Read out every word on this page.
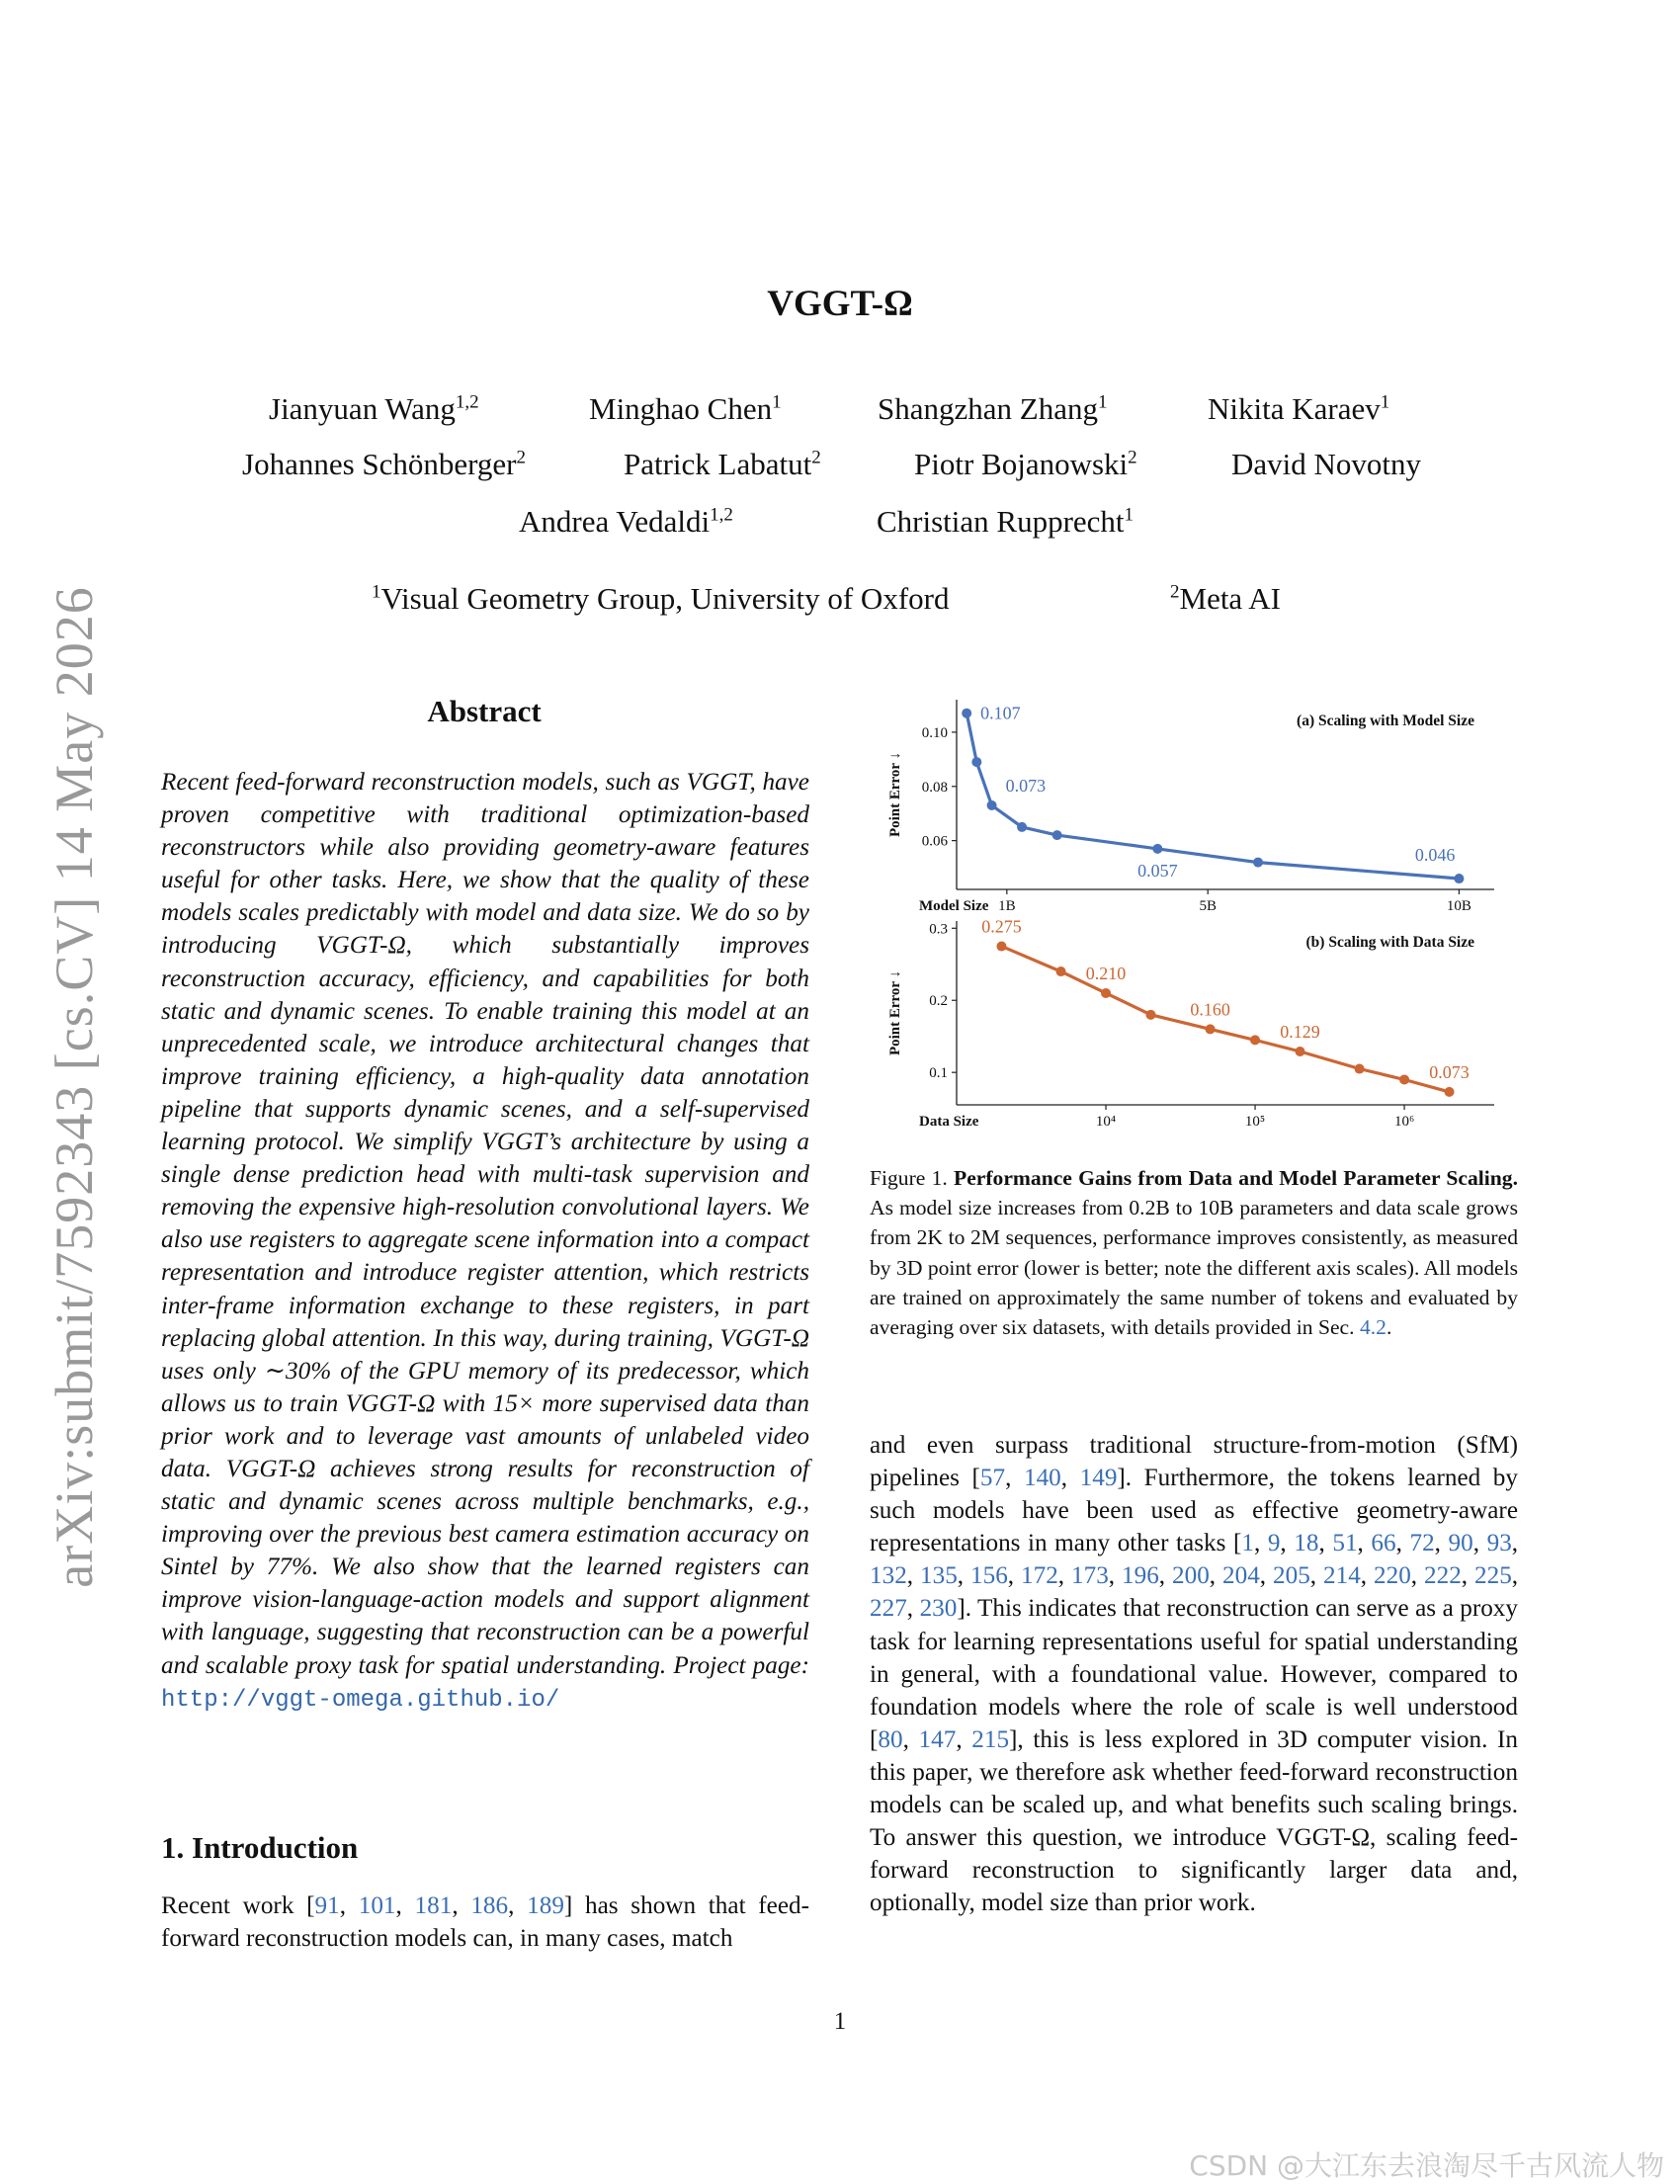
arXiv:submit/7592343 [cs.CV] 14 May 2026
VGGT-Ω
Jianyuan Wang$^{1,2}$	Minghao Chen$^1$	Shangzhan Zhang$^1$	Nikita Karaev$^1$
Johannes Schönberger$^2$	Patrick Labatut$^2$	Piotr Bojanowski$^2$	David Novotny
Andrea Vedaldi$^{1,2}$	Christian Rupprecht$^1$
$^1$Visual Geometry Group, University of Oxford	$^2$Meta AI
Abstract
Recent feed-forward reconstruction models, such as VGGT, have proven competitive with traditional optimization-based reconstructors while also providing geometry-aware features useful for other tasks. Here, we show that the quality of these models scales predictably with model and data size. We do so by introducing VGGT-Ω, which substantially improves reconstruction accuracy, efficiency, and capabilities for both static and dynamic scenes. To enable training this model at an unprecedented scale, we introduce architectural changes that improve training efficiency, a high-quality data annotation pipeline that supports dynamic scenes, and a self-supervised learning protocol. We simplify VGGT’s architecture by using a single dense prediction head with multi-task supervision and removing the expensive high-resolution convolutional layers. We also use registers to aggregate scene information into a compact representation and introduce register attention, which restricts inter-frame information exchange to these registers, in part replacing global attention. In this way, during training, VGGT-Ω uses only ∼30% of the GPU memory of its predecessor, which allows us to train VGGT-Ω with 15× more supervised data than prior work and to leverage vast amounts of unlabeled video data. VGGT-Ω achieves strong results for reconstruction of static and dynamic scenes across multiple benchmarks, e.g., improving over the previous best camera estimation accuracy on Sintel by 77%. We also show that the learned registers can improve vision-language-action models and support alignment with language, suggesting that reconstruction can be a powerful and scalable proxy task for spatial understanding. Project page: http://vggt-omega.github.io/
1. Introduction
Recent work [91, 101, 181, 186, 189] has shown that feed-forward reconstruction models can, in many cases, match
0.06
0.08
0.10
1B	5B	10B
Model Size
Point Error ↓
(a) Scaling with Model Size
0.107
0.073
0.057
0.046
0.1
0.2
0.3
10⁴	10⁵	10⁶
Data Size
Point Error ↓
(b) Scaling with Data Size
0.275
0.210
0.160
0.129
0.073
Figure 1. Performance Gains from Data and Model Parameter Scaling. As model size increases from 0.2B to 10B parameters and data scale grows from 2K to 2M sequences, performance improves consistently, as measured by 3D point error (lower is better; note the different axis scales). All models are trained on approximately the same number of tokens and evaluated by averaging over six datasets, with details provided in Sec. 4.2.
and even surpass traditional structure-from-motion (SfM) pipelines [57, 140, 149]. Furthermore, the tokens learned by such models have been used as effective geometry-aware representations in many other tasks [1, 9, 18, 51, 66, 72, 90, 93, 132, 135, 156, 172, 173, 196, 200, 204, 205, 214, 220, 222, 225, 227, 230]. This indicates that reconstruction can serve as a proxy task for learning representations useful for spatial understanding in general, with a foundational value. However, compared to foundation models where the role of scale is well understood [80, 147, 215], this is less explored in 3D computer vision. In this paper, we therefore ask whether feed-forward reconstruction models can be scaled up, and what benefits such scaling brings. To answer this question, we introduce VGGT-Ω, scaling feed-forward reconstruction to significantly larger data and, optionally, model size than prior work.
1
CSDN @大江东去浪淘尽千古风流人物
